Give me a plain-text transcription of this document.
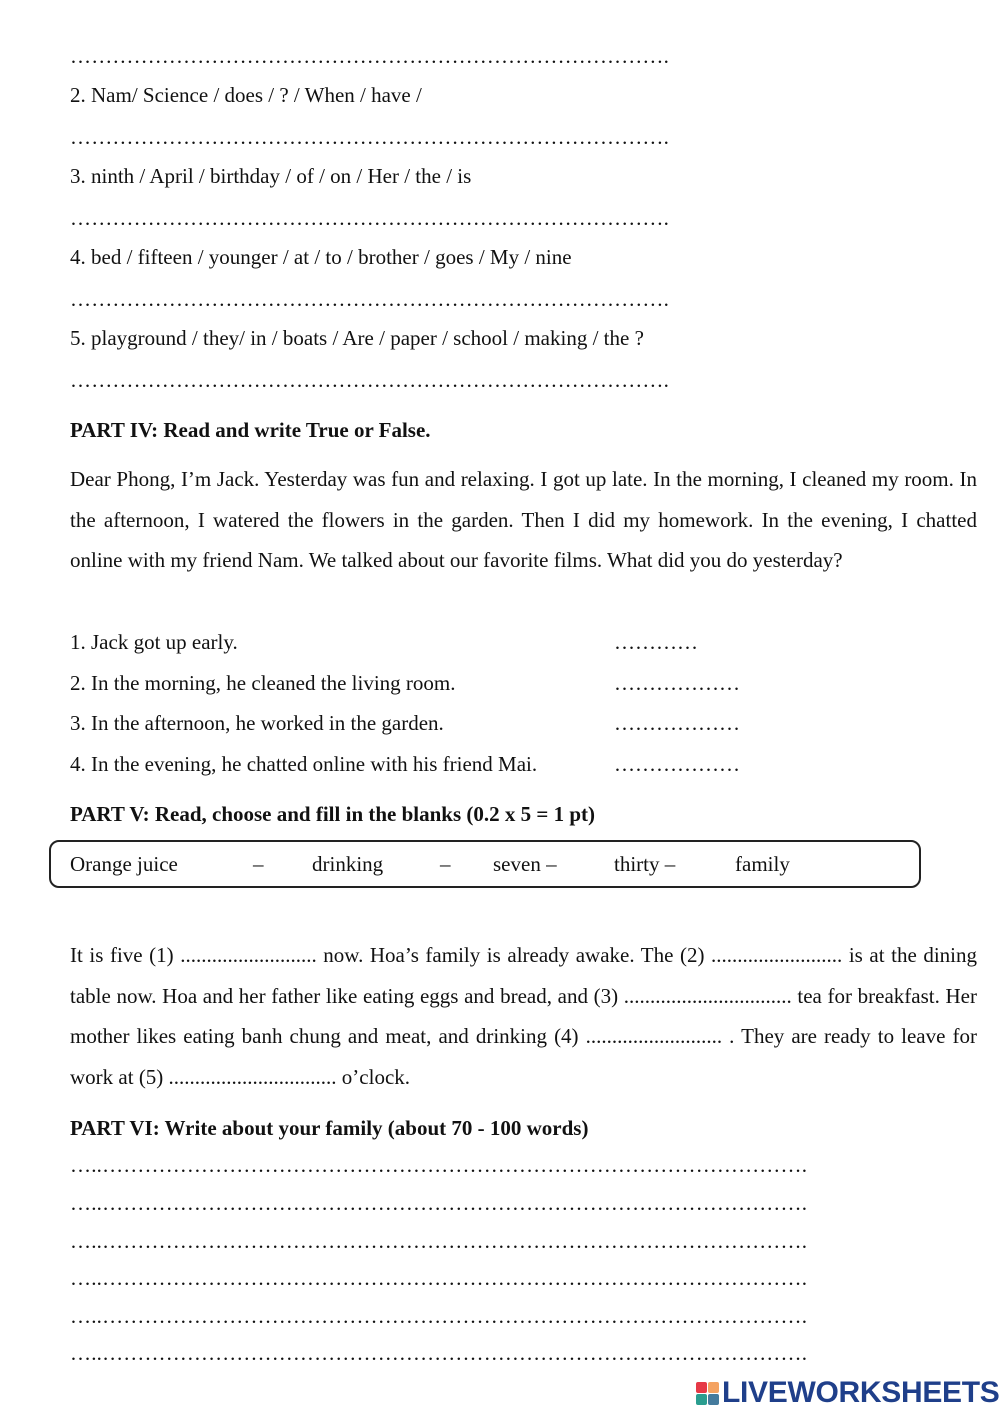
………………………………………………………………………….
2. Nam/ Science / does / ? / When / have /
………………………………………………………………………….
3. ninth / April / birthday / of / on / Her / the / is
………………………………………………………………………….
4. bed / fifteen / younger / at / to / brother / goes / My / nine
………………………………………………………………………….
5. playground / they/ in / boats / Are / paper / school / making / the ?
………………………………………………………………………….
PART IV: Read and write True or False.
Dear Phong, I’m Jack. Yesterday was fun and relaxing. I got up late. In the morning, I cleaned my room. In the afternoon, I watered the flowers in the garden. Then I did my homework. In the evening, I chatted online with my friend Nam. We talked about our favorite films. What did you do yesterday?
1. Jack got up early.	…………
2. In the morning, he cleaned the living room.	………………
3. In the afternoon, he worked in the garden.	………………
4. In the evening, he chatted online with his friend Mai.	………………
PART V: Read, choose and fill in the blanks (0.2 x 5 = 1 pt)
Orange juice	– drinking	– seven –	thirty –	family
It is five (1) .......................... now. Hoa’s family is already awake. The (2) ......................... is at the dining table now. Hoa and her father like eating eggs and bread, and (3) ................................ tea for breakfast. Her mother likes eating banh chung and meat, and drinking (4) .......................... . They are ready to leave for work at (5) ................................ o’clock.
PART VI: Write about your family (about 70 - 100 words)
…..……………………………………………………………………………………….
…..……………………………………………………………………………………….
…..……………………………………………………………………………………….
…..……………………………………………………………………………………….
…..……………………………………………………………………………………….
…..……………………………………………………………………………………….
LIVEWORKSHEETS
